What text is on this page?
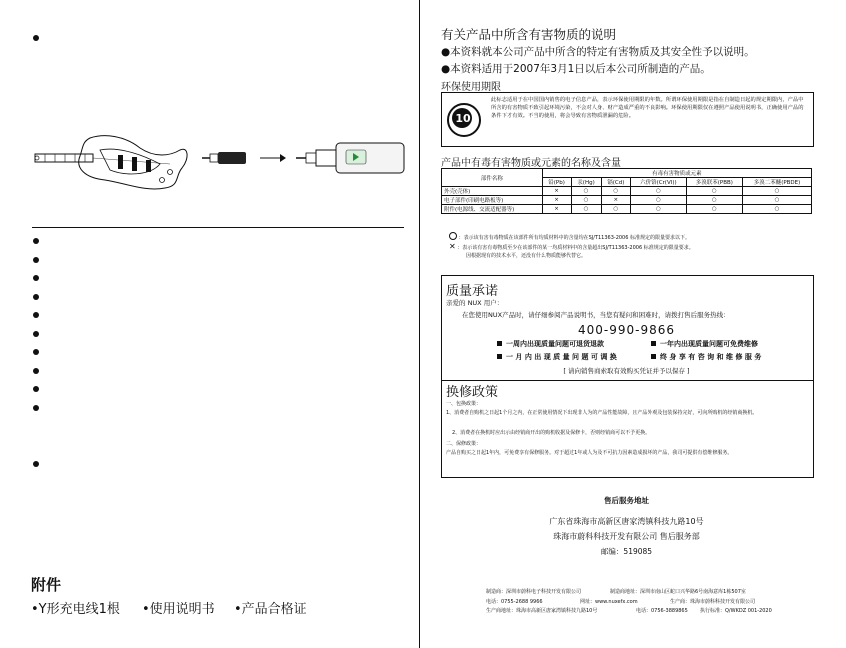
附件
•Y形充电线1根 •使用说明书 •产品合格证
有关产品中所含有害物质的说明
●本资料就本公司产品中所含的特定有害物质及其安全性予以说明。
●本资料适用于2007年3月1日以后本公司所制造的产品。
环保使用期限
10
此标志适用于在中国国内销售的电子信息产品，表示环保使用期限的年数。所谓环保使用期限是指在自制造日起的规定期限内，产品中所含的有害物质不致引起环境污染，不会对人身、财产造成严重的不良影响。环保使用期限仅在遵照产品使用说明书，正确使用产品的条件下才有效。不当的使用，将会导致有害物质泄漏的危险。
产品中有毒有害物质或元素的名称及含量
部件名称	有毒有害物质或元素					
	铅(Pb)	汞(Hg)	镉(Cd)	六价铬(Cr(VI))	多溴联苯(PBB)	多溴二苯醚(PBDE)
外壳(壳体)	×	○	○	○	○	○
电子部件(印刷电路板等)	×	○	×	○	○	○
附件(电源线、交流适配器等)	×	○	○	○	○	○
：表示该有害有毒物质在该部件所有均质材料中的含量均在SJ/T11363-2006 标准规定的限量要求以下。
✕ ：表示该有害有毒物质至少在该部件的某一均质材料中的含量超出SJ/T11363-2006 标准规定的限量要求。
因根据现有的技术水平，还没有什么物质能够代替它。
质量承诺
亲爱的 NUX 用户：
在您使用NUX产品时，请仔细参阅产品说明书，当您有疑问和困难时，请拨打售后服务热线：
400-990-9866
一周内出现质量问题可退货退款	一年内出现质量问题可免费维修
一 月 内 出 现 质 量 问 题 可 调 换	终 身 享 有 咨 询 和 维 修 服 务
[ 请向销售商索取有效购买凭证并予以保存 ]
换修政策
一、包换政策：
1、消费者自购机之日起1个月之内，在正常使用情况下出现非人为的产品性能故障，且产品外观及包装保持完好，可向所购机的经销商换机。
2、消费者在换机时应出示由经销商开出的购机收据及保修卡，否则经销商可以不予更换。
二、保修政策：
产品自购买之日起1年内，可免费享有保修服务。对于超过1年或人为及不可抗力因素造成损坏的产品，我司可提供有偿维修服务。
售后服务地址
广东省珠海市高新区唐家湾镇科技九路10号
珠海市蔚科科技开发有限公司 售后服务部
邮编：519085
制造商：深圳市蔚科电子科技开发有限公司	制造商地址：深圳市南山区蛇口兴华路6号南海意库1栋507室
电话：0755-2688 9966	网址：www.nuxefx.com	生产商：珠海市蔚科科技开发有限公司
生产商地址：珠海市高新区唐家湾镇科技九路10号	电话：0756-3889865 执行标准：Q/WKDZ 001-2020
